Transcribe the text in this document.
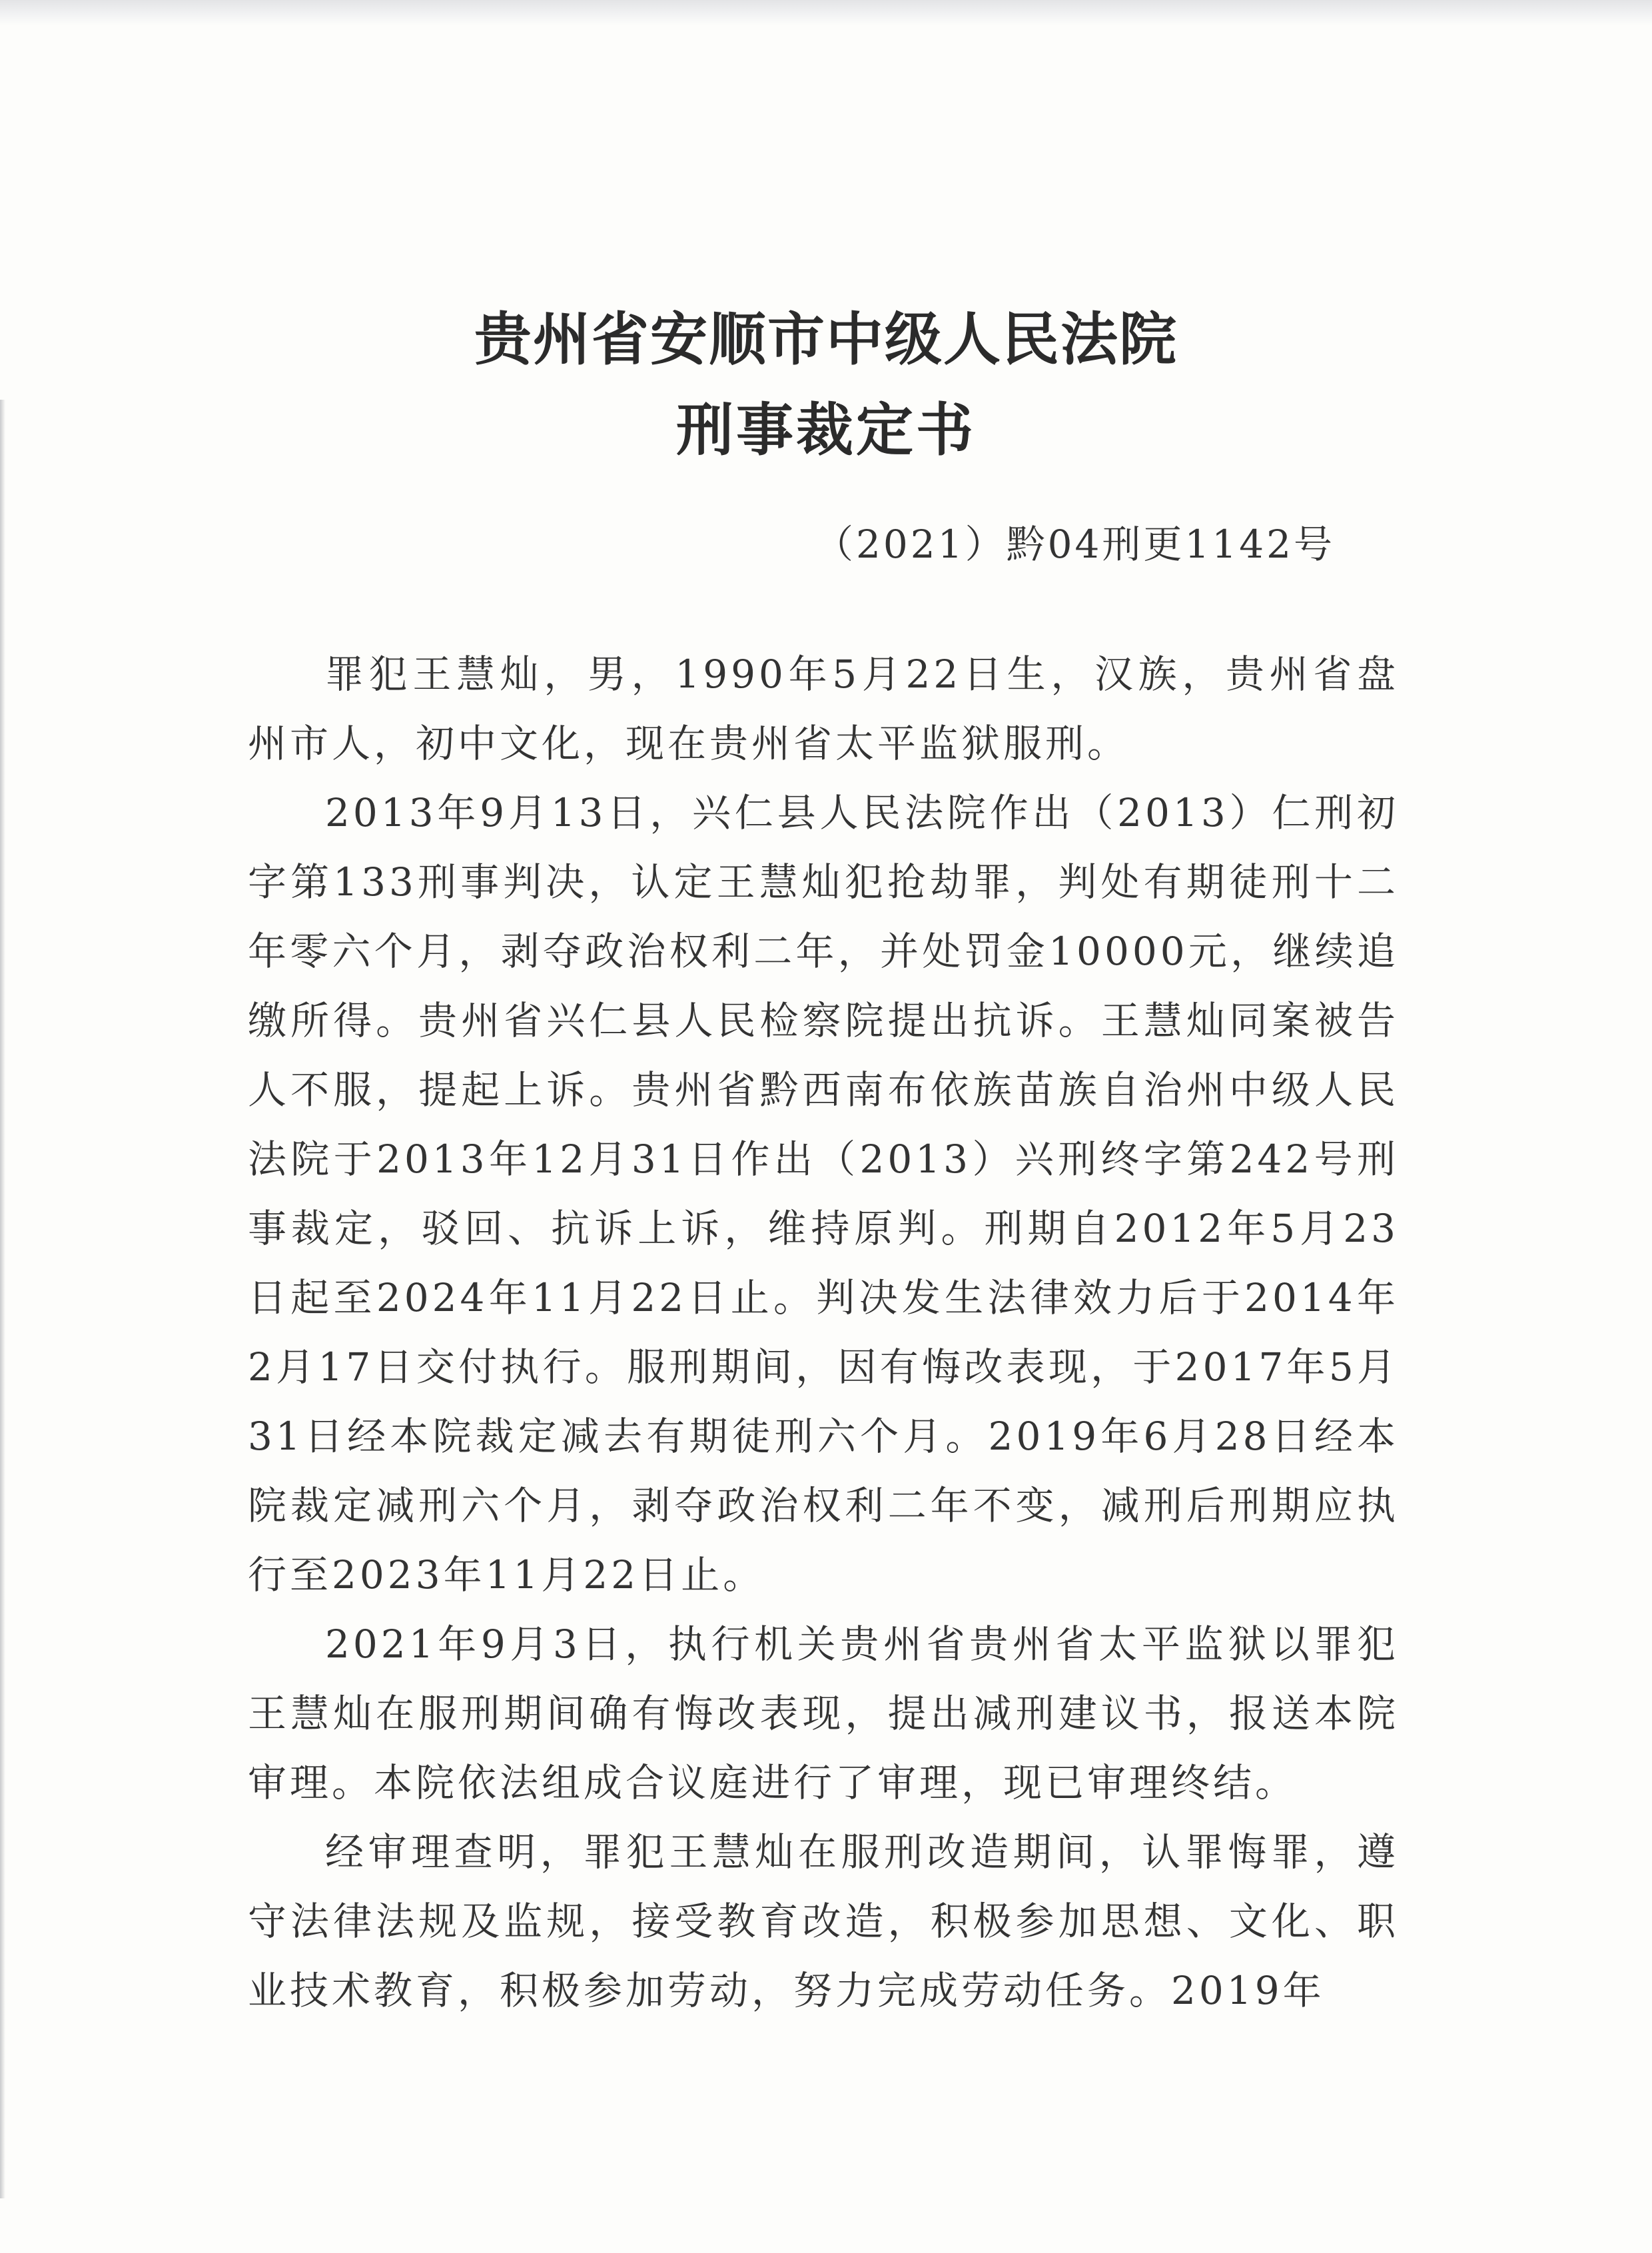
贵州省安顺市中级人民法院
刑事裁定书
（2021）黔04刑更1142号

罪犯王慧灿，男，1990年5月22日生，汉族，贵州省盘州市人，初中文化，现在贵州省太平监狱服刑。

2013年9月13日，兴仁县人民法院作出（2013）仁刑初字第133刑事判决，认定王慧灿犯抢劫罪，判处有期徒刑十二年零六个月，剥夺政治权利二年，并处罚金10000元，继续追缴所得。贵州省兴仁县人民检察院提出抗诉。王慧灿同案被告人不服，提起上诉。贵州省黔西南布依族苗族自治州中级人民法院于2013年12月31日作出（2013）兴刑终字第242号刑事裁定，驳回、抗诉上诉，维持原判。刑期自2012年5月23日起至2024年11月22日止。判决发生法律效力后于2014年2月17日交付执行。服刑期间，因有悔改表现，于2017年5月31日经本院裁定减去有期徒刑六个月。2019年6月28日经本院裁定减刑六个月，剥夺政治权利二年不变，减刑后刑期应执行至2023年11月22日止。

2021年9月3日，执行机关贵州省贵州省太平监狱以罪犯王慧灿在服刑期间确有悔改表现，提出减刑建议书，报送本院审理。本院依法组成合议庭进行了审理，现已审理终结。

经审理查明，罪犯王慧灿在服刑改造期间，认罪悔罪，遵守法律法规及监规，接受教育改造，积极参加思想、文化、职业技术教育，积极参加劳动，努力完成劳动任务。2019年
